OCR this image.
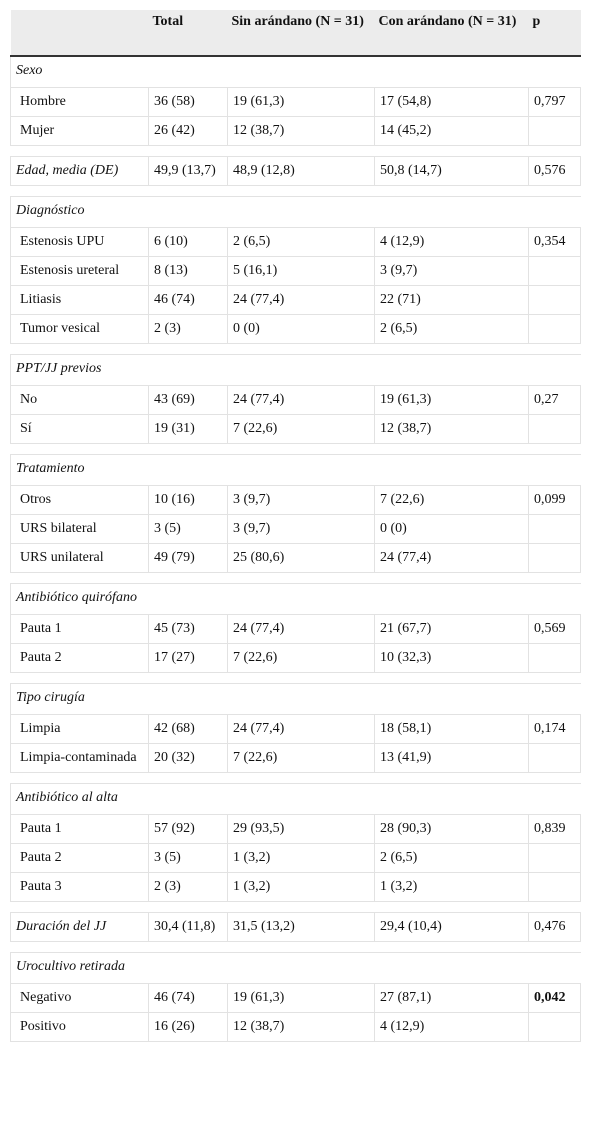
	Total	Sin arándano (N = 31)	Con arándano (N = 31)	p
Sexo				
Hombre	36 (58)	19 (61,3)	17 (54,8)	0,797
Mujer	26 (42)	12 (38,7)	14 (45,2)	

Edad, media (DE)	49,9 (13,7)	48,9 (12,8)	50,8 (14,7)	0,576

Diagnóstico				
Estenosis UPU	6 (10)	2 (6,5)	4 (12,9)	0,354
Estenosis ureteral	8 (13)	5 (16,1)	3 (9,7)	
Litiasis	46 (74)	24 (77,4)	22 (71)	
Tumor vesical	2 (3)	0 (0)	2 (6,5)	

PPT/JJ previos				
No	43 (69)	24 (77,4)	19 (61,3)	0,27
Sí	19 (31)	7 (22,6)	12 (38,7)	

Tratamiento				
Otros	10 (16)	3 (9,7)	7 (22,6)	0,099
URS bilateral	3 (5)	3 (9,7)	0 (0)	
URS unilateral	49 (79)	25 (80,6)	24 (77,4)	

Antibiótico quirófano				
Pauta 1	45 (73)	24 (77,4)	21 (67,7)	0,569
Pauta 2	17 (27)	7 (22,6)	10 (32,3)	

Tipo cirugía				
Limpia	42 (68)	24 (77,4)	18 (58,1)	0,174
Limpia-contaminada	20 (32)	7 (22,6)	13 (41,9)	

Antibiótico al alta				
Pauta 1	57 (92)	29 (93,5)	28 (90,3)	0,839
Pauta 2	3 (5)	1 (3,2)	2 (6,5)	
Pauta 3	2 (3)	1 (3,2)	1 (3,2)	

Duración del JJ	30,4 (11,8)	31,5 (13,2)	29,4 (10,4)	0,476

Urocultivo retirada				
Negativo	46 (74)	19 (61,3)	27 (87,1)	0,042
Positivo	16 (26)	12 (38,7)	4 (12,9)	
